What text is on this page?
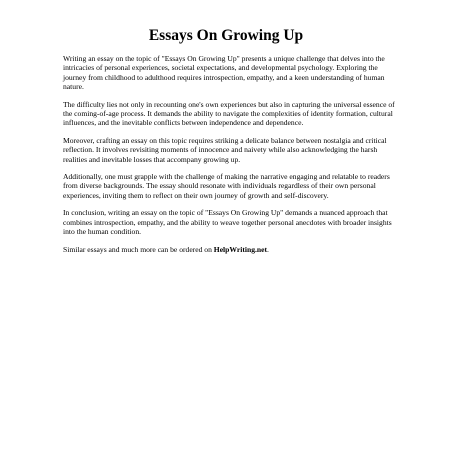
Essays On Growing Up

Writing an essay on the topic of "Essays On Growing Up" presents a unique challenge that delves into the intricacies of personal experiences, societal expectations, and developmental psychology. Exploring the journey from childhood to adulthood requires introspection, empathy, and a keen understanding of human nature.

The difficulty lies not only in recounting one's own experiences but also in capturing the universal essence of the coming-of-age process. It demands the ability to navigate the complexities of identity formation, cultural influences, and the inevitable conflicts between independence and dependence.

Moreover, crafting an essay on this topic requires striking a delicate balance between nostalgia and critical reflection. It involves revisiting moments of innocence and naivety while also acknowledging the harsh realities and inevitable losses that accompany growing up.

Additionally, one must grapple with the challenge of making the narrative engaging and relatable to readers from diverse backgrounds. The essay should resonate with individuals regardless of their own personal experiences, inviting them to reflect on their own journey of growth and self-discovery.

In conclusion, writing an essay on the topic of "Essays On Growing Up" demands a nuanced approach that combines introspection, empathy, and the ability to weave together personal anecdotes with broader insights into the human condition.

Similar essays and much more can be ordered on HelpWriting.net.
